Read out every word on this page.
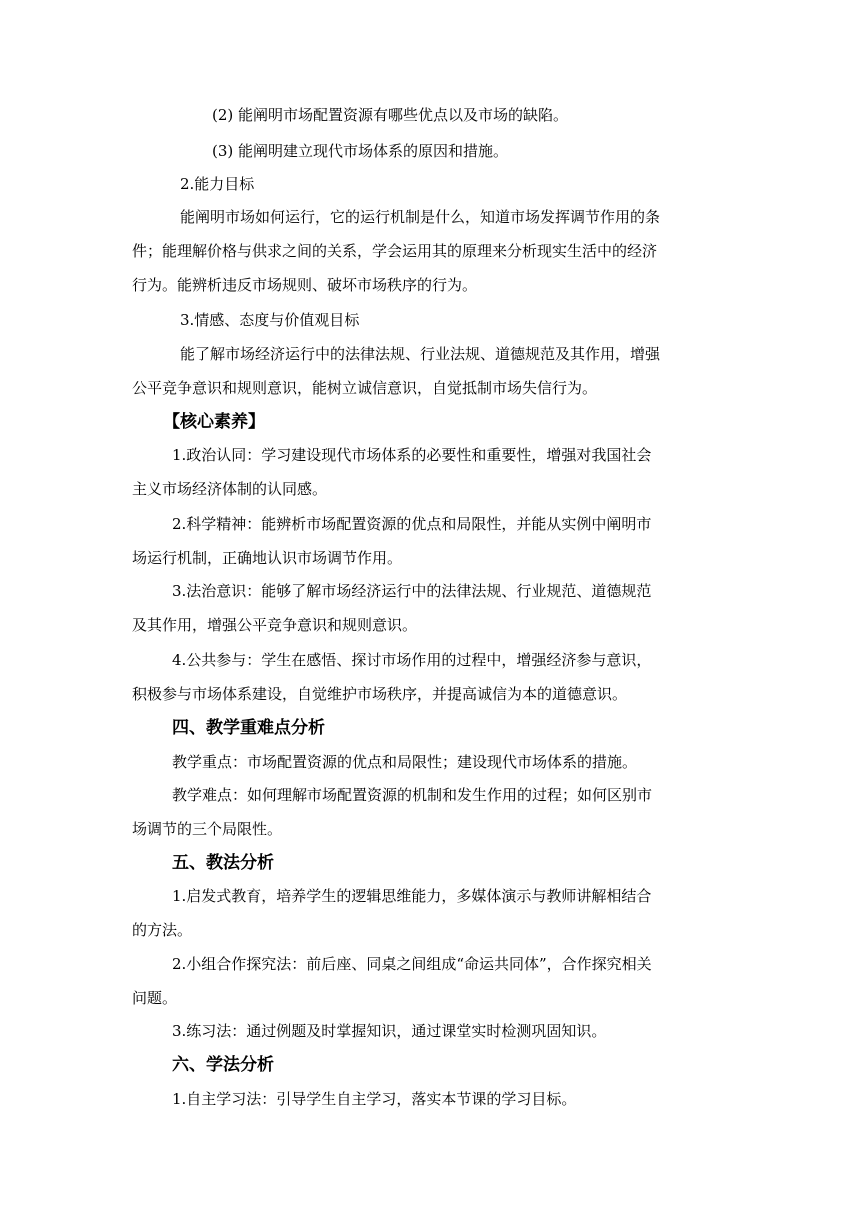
(2) 能阐明市场配置资源有哪些优点以及市场的缺陷。

(3) 能阐明建立现代市场体系的原因和措施。

2.能力目标

能阐明市场如何运行，它的运行机制是什么，知道市场发挥调节作用的条
件；能理解价格与供求之间的关系，学会运用其的原理来分析现实生活中的经济
行为。能辨析违反市场规则、破坏市场秩序的行为。

3.情感、态度与价值观目标

能了解市场经济运行中的法律法规、行业法规、道德规范及其作用，增强
公平竞争意识和规则意识，能树立诚信意识，自觉抵制市场失信行为。

【核心素养】

1.政治认同：学习建设现代市场体系的必要性和重要性，增强对我国社会
主义市场经济体制的认同感。
2.科学精神：能辨析市场配置资源的优点和局限性，并能从实例中阐明市
场运行机制，正确地认识市场调节作用。
3.法治意识：能够了解市场经济运行中的法律法规、行业规范、道德规范
及其作用，增强公平竞争意识和规则意识。
4.公共参与：学生在感悟、探讨市场作用的过程中，增强经济参与意识，
积极参与市场体系建设，自觉维护市场秩序，并提高诚信为本的道德意识。

四、教学重难点分析

教学重点：市场配置资源的优点和局限性；建设现代市场体系的措施。

教学难点：如何理解市场配置资源的机制和发生作用的过程；如何区别市
场调节的三个局限性。

五、教法分析

1.启发式教育，培养学生的逻辑思维能力，多媒体演示与教师讲解相结合
的方法。
2.小组合作探究法：前后座、同桌之间组成“命运共同体”，合作探究相关
问题。

3.练习法：通过例题及时掌握知识，通过课堂实时检测巩固知识。

六、学法分析

1.自主学习法：引导学生自主学习，落实本节课的学习目标。
